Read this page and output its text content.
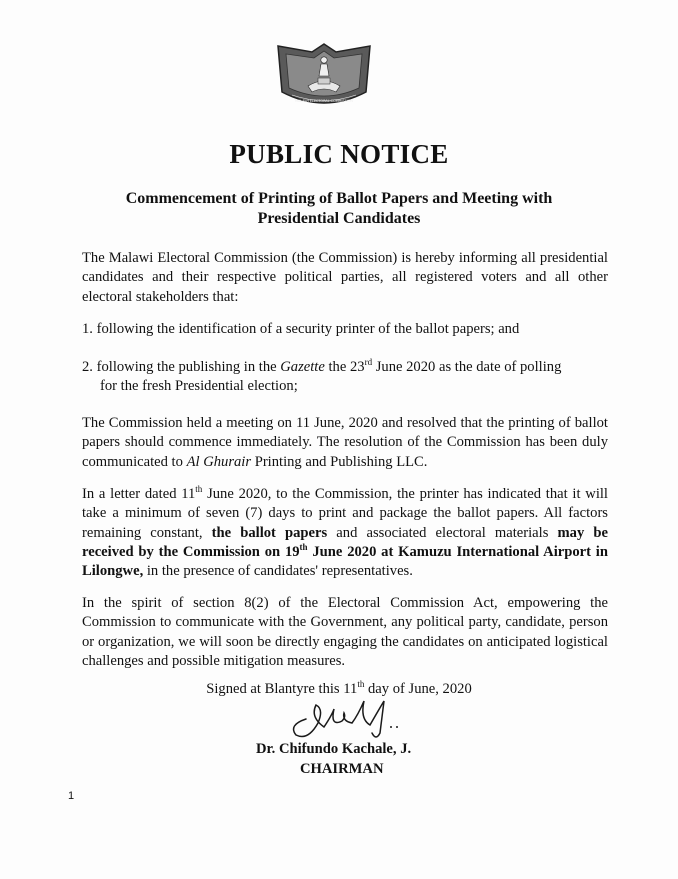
MALAWI ELECTORAL COMMISSION
PUBLIC NOTICE
Commencement of Printing of Ballot Papers and Meeting with
Presidential Candidates
The Malawi Electoral Commission (the Commission) is hereby informing all presidential candidates and their respective political parties, all registered voters and all other electoral stakeholders that:
1. following the identification of a security printer of the ballot papers; and
2. following the publishing in the Gazette the 23rd June 2020 as the date of polling
for the fresh Presidential election;
The Commission held a meeting on 11 June, 2020 and resolved that the printing of ballot papers should commence immediately. The resolution of the Commission has been duly communicated to Al Ghurair Printing and Publishing LLC.
In a letter dated 11th June 2020, to the Commission, the printer has indicated that it will take a minimum of seven (7) days to print and package the ballot papers. All factors remaining constant, the ballot papers and associated electoral materials may be received by the Commission on 19th June 2020 at Kamuzu International Airport in Lilongwe, in the presence of candidates' representatives.
In the spirit of section 8(2) of the Electoral Commission Act, empowering the Commission to communicate with the Government, any political party, candidate, person or organization, we will soon be directly engaging the candidates on anticipated logistical challenges and possible mitigation measures.
Signed at Blantyre this 11th day of June, 2020
Dr. Chifundo Kachale, J.
CHAIRMAN
1
